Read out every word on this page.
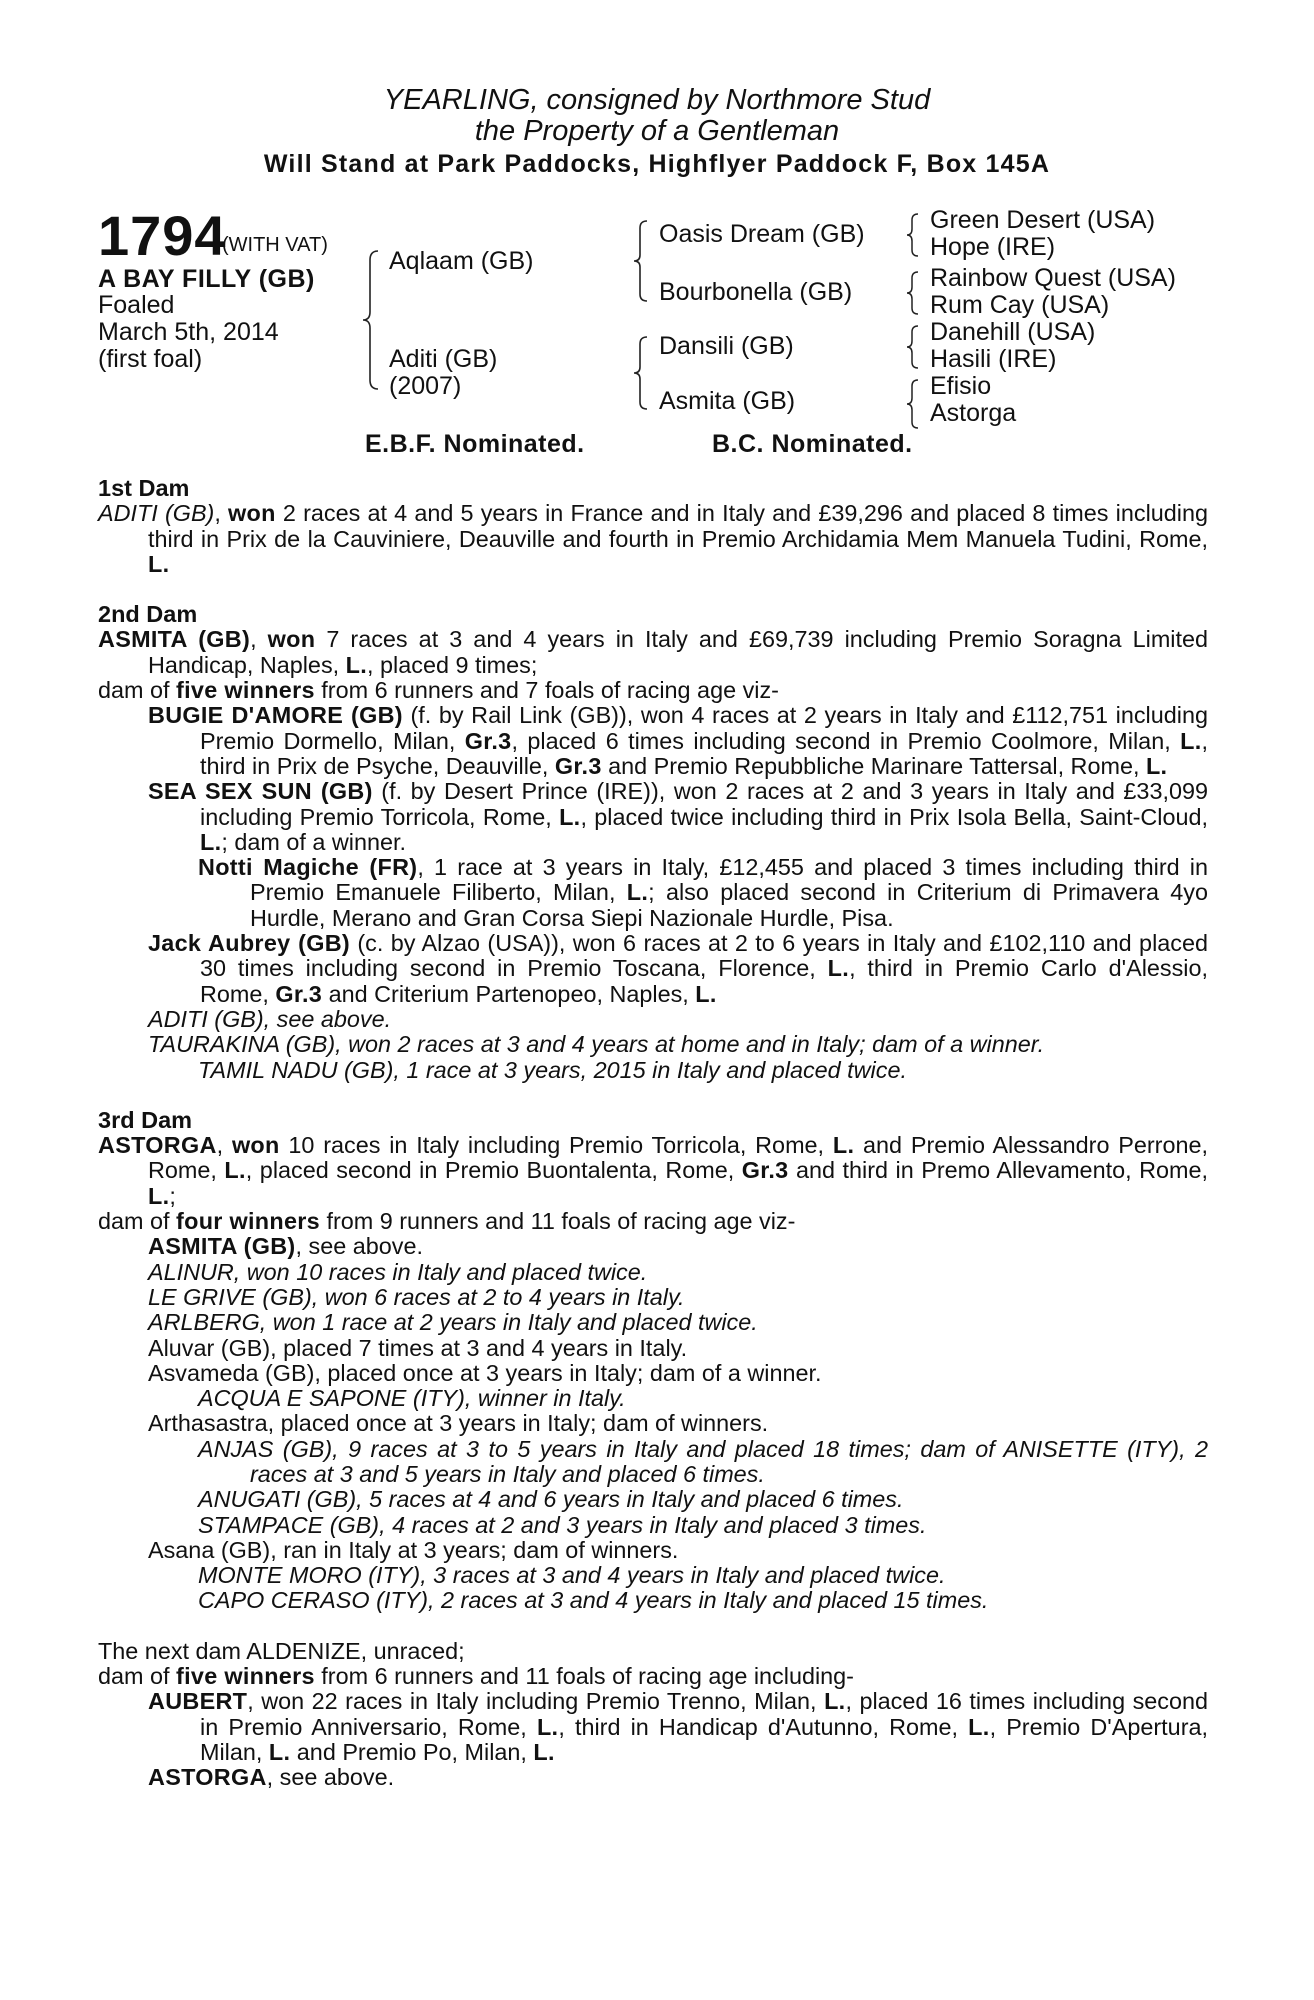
YEARLING, consigned by Northmore Stud
the Property of a Gentleman
Will Stand at Park Paddocks, Highflyer Paddock F, Box 145A
1794
(WITH VAT)
A BAY FILLY (GB)
Foaled
March 5th, 2014
(first foal)
Aqlaam (GB)
Aditi (GB)
(2007)
Oasis Dream (GB)
Bourbonella (GB)
Dansili (GB)
Asmita (GB)
Green Desert (USA)
Hope (IRE)
Rainbow Quest (USA)
Rum Cay (USA)
Danehill (USA)
Hasili (IRE)
Efisio
Astorga
E.B.F. Nominated.	B.C. Nominated.
1st Dam
ADITI (GB), won 2 races at 4 and 5 years in France and in Italy and £39,296 and placed 8 times including third in Prix de la Cauviniere, Deauville and fourth in Premio Archidamia Mem Manuela Tudini, Rome, L.
2nd Dam
ASMITA (GB), won 7 races at 3 and 4 years in Italy and £69,739 including Premio Soragna Limited Handicap, Naples, L., placed 9 times;
dam of five winners from 6 runners and 7 foals of racing age viz-
BUGIE D'AMORE (GB) (f. by Rail Link (GB)), won 4 races at 2 years in Italy and £112,751 including Premio Dormello, Milan, Gr.3, placed 6 times including second in Premio Coolmore, Milan, L., third in Prix de Psyche, Deauville, Gr.3 and Premio Repubbliche Marinare Tattersal, Rome, L.
SEA SEX SUN (GB) (f. by Desert Prince (IRE)), won 2 races at 2 and 3 years in Italy and £33,099 including Premio Torricola, Rome, L., placed twice including third in Prix Isola Bella, Saint-Cloud, L.; dam of a winner.
Notti Magiche (FR), 1 race at 3 years in Italy, £12,455 and placed 3 times including third in Premio Emanuele Filiberto, Milan, L.; also placed second in Criterium di Primavera 4yo Hurdle, Merano and Gran Corsa Siepi Nazionale Hurdle, Pisa.
Jack Aubrey (GB) (c. by Alzao (USA)), won 6 races at 2 to 6 years in Italy and £102,110 and placed 30 times including second in Premio Toscana, Florence, L., third in Premio Carlo d'Alessio, Rome, Gr.3 and Criterium Partenopeo, Naples, L.
ADITI (GB), see above.
TAURAKINA (GB), won 2 races at 3 and 4 years at home and in Italy; dam of a winner.
TAMIL NADU (GB), 1 race at 3 years, 2015 in Italy and placed twice.
3rd Dam
ASTORGA, won 10 races in Italy including Premio Torricola, Rome, L. and Premio Alessandro Perrone, Rome, L., placed second in Premio Buontalenta, Rome, Gr.3 and third in Premo Allevamento, Rome, L.;
dam of four winners from 9 runners and 11 foals of racing age viz-
ASMITA (GB), see above.
ALINUR, won 10 races in Italy and placed twice.
LE GRIVE (GB), won 6 races at 2 to 4 years in Italy.
ARLBERG, won 1 race at 2 years in Italy and placed twice.
Aluvar (GB), placed 7 times at 3 and 4 years in Italy.
Asvameda (GB), placed once at 3 years in Italy; dam of a winner.
ACQUA E SAPONE (ITY), winner in Italy.
Arthasastra, placed once at 3 years in Italy; dam of winners.
ANJAS (GB), 9 races at 3 to 5 years in Italy and placed 18 times; dam of ANISETTE (ITY), 2 races at 3 and 5 years in Italy and placed 6 times.
ANUGATI (GB), 5 races at 4 and 6 years in Italy and placed 6 times.
STAMPACE (GB), 4 races at 2 and 3 years in Italy and placed 3 times.
Asana (GB), ran in Italy at 3 years; dam of winners.
MONTE MORO (ITY), 3 races at 3 and 4 years in Italy and placed twice.
CAPO CERASO (ITY), 2 races at 3 and 4 years in Italy and placed 15 times.
The next dam ALDENIZE, unraced;
dam of five winners from 6 runners and 11 foals of racing age including-
AUBERT, won 22 races in Italy including Premio Trenno, Milan, L., placed 16 times including second in Premio Anniversario, Rome, L., third in Handicap d'Autunno, Rome, L., Premio D'Apertura, Milan, L. and Premio Po, Milan, L.
ASTORGA, see above.
